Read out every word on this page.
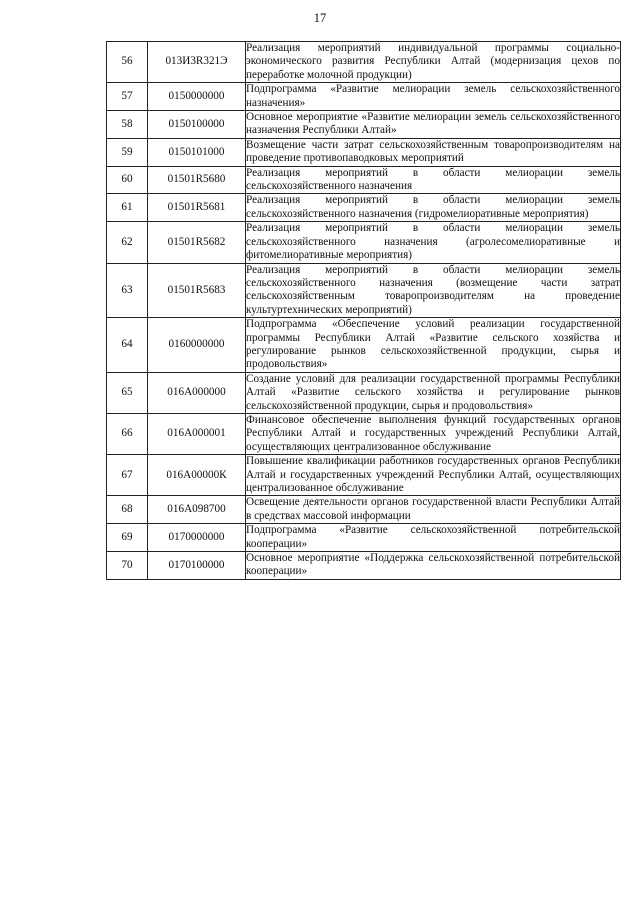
17
56	013И3R321Э	Реализация мероприятий индивидуальной программы социально-экономического развития Республики Алтай (модернизация цехов по переработке молочной продукции)
57	0150000000	Подпрограмма «Развитие мелиорации земель сельскохозяйственного назначения»
58	0150100000	Основное мероприятие «Развитие мелиорации земель сельскохозяйственного назначения Республики Алтай»
59	0150101000	Возмещение части затрат сельскохозяйственным товаропроизводителям на проведение противопаводковых мероприятий
60	01501R5680	Реализация мероприятий в области мелиорации земель сельскохозяйственного назначения
61	01501R5681	Реализация мероприятий в области мелиорации земель сельскохозяйственного назначения (гидромелиоративные мероприятия)
62	01501R5682	Реализация мероприятий в области мелиорации земель сельскохозяйственного назначения (агролесомелиоративные и фитомелиоративные мероприятия)
63	01501R5683	Реализация мероприятий в области мелиорации земель сельскохозяйственного назначения (возмещение части затрат сельскохозяйственным товаропроизводителям на проведение культуртехнических мероприятий)
64	0160000000	Подпрограмма «Обеспечение условий реализации государственной программы Республики Алтай «Развитие сельского хозяйства и регулирование рынков сельскохозяйственной продукции, сырья и продовольствия»
65	016А000000	Создание условий для реализации государственной программы Республики Алтай «Развитие сельского хозяйства и регулирование рынков сельскохозяйственной продукции, сырья и продовольствия»
66	016А000001	Финансовое обеспечение выполнения функций государственных органов Республики Алтай и государственных учреждений Республики Алтай, осуществляющих централизованное обслуживание
67	016А00000К	Повышение квалификации работников государственных органов Республики Алтай и государственных учреждений Республики Алтай, осуществляющих централизованное обслуживание
68	016А098700	Освещение деятельности органов государственной власти Республики Алтай в средствах массовой информации
69	0170000000	Подпрограмма «Развитие сельскохозяйственной потребительской кооперации»
70	0170100000	Основное мероприятие «Поддержка сельскохозяйственной потребительской кооперации»
